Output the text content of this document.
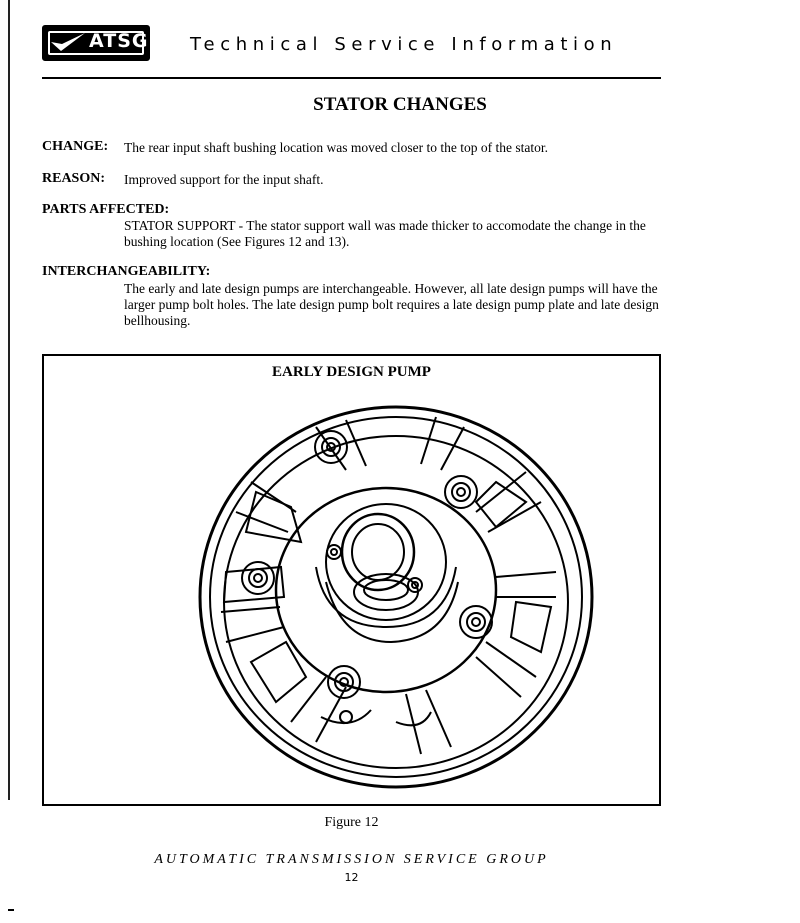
ATSG Technical Service Information
STATOR CHANGES
CHANGE: The rear input shaft bushing location was moved closer to the top of the stator.
REASON: Improved support for the input shaft.
PARTS AFFECTED:
STATOR SUPPORT - The stator support wall was made thicker to accomodate the change in the bushing location (See Figures 12 and 13).
INTERCHANGEABILITY:
The early and late design pumps are interchangeable. However, all late design pumps will have the larger pump bolt holes. The late design pump bolt requires a late design pump plate and late design bellhousing.
EARLY DESIGN PUMP
Figure 12
AUTOMATIC TRANSMISSION SERVICE GROUP
12
